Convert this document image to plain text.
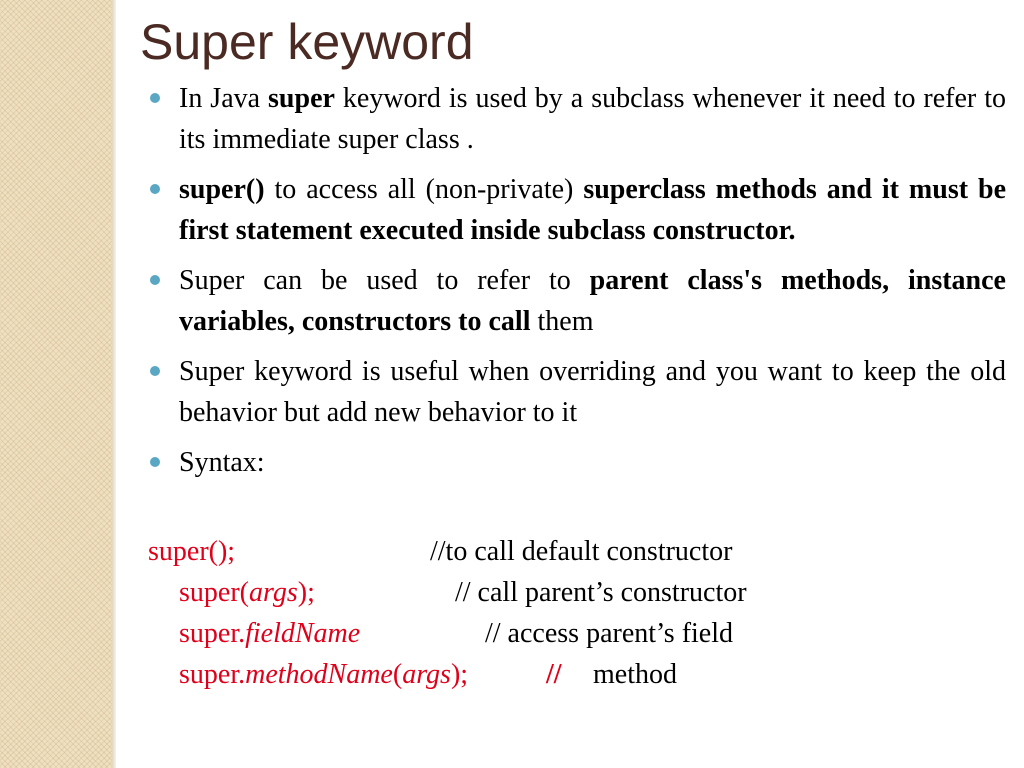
Super keyword
In Java super keyword is used by a subclass whenever it need to refer to its immediate super class .
super() to access all (non-private) superclass methods and it must be first statement executed inside subclass constructor.
Super can be used to refer to parent class's methods, instance variables, constructors to call them
Super keyword is useful when overriding and you want to keep the old behavior but add new behavior to it
Syntax:
super();	//to call default constructor
super(args);	// call parent’s constructor
super.fieldName	// access parent’s field
super.methodName(args);	// method
